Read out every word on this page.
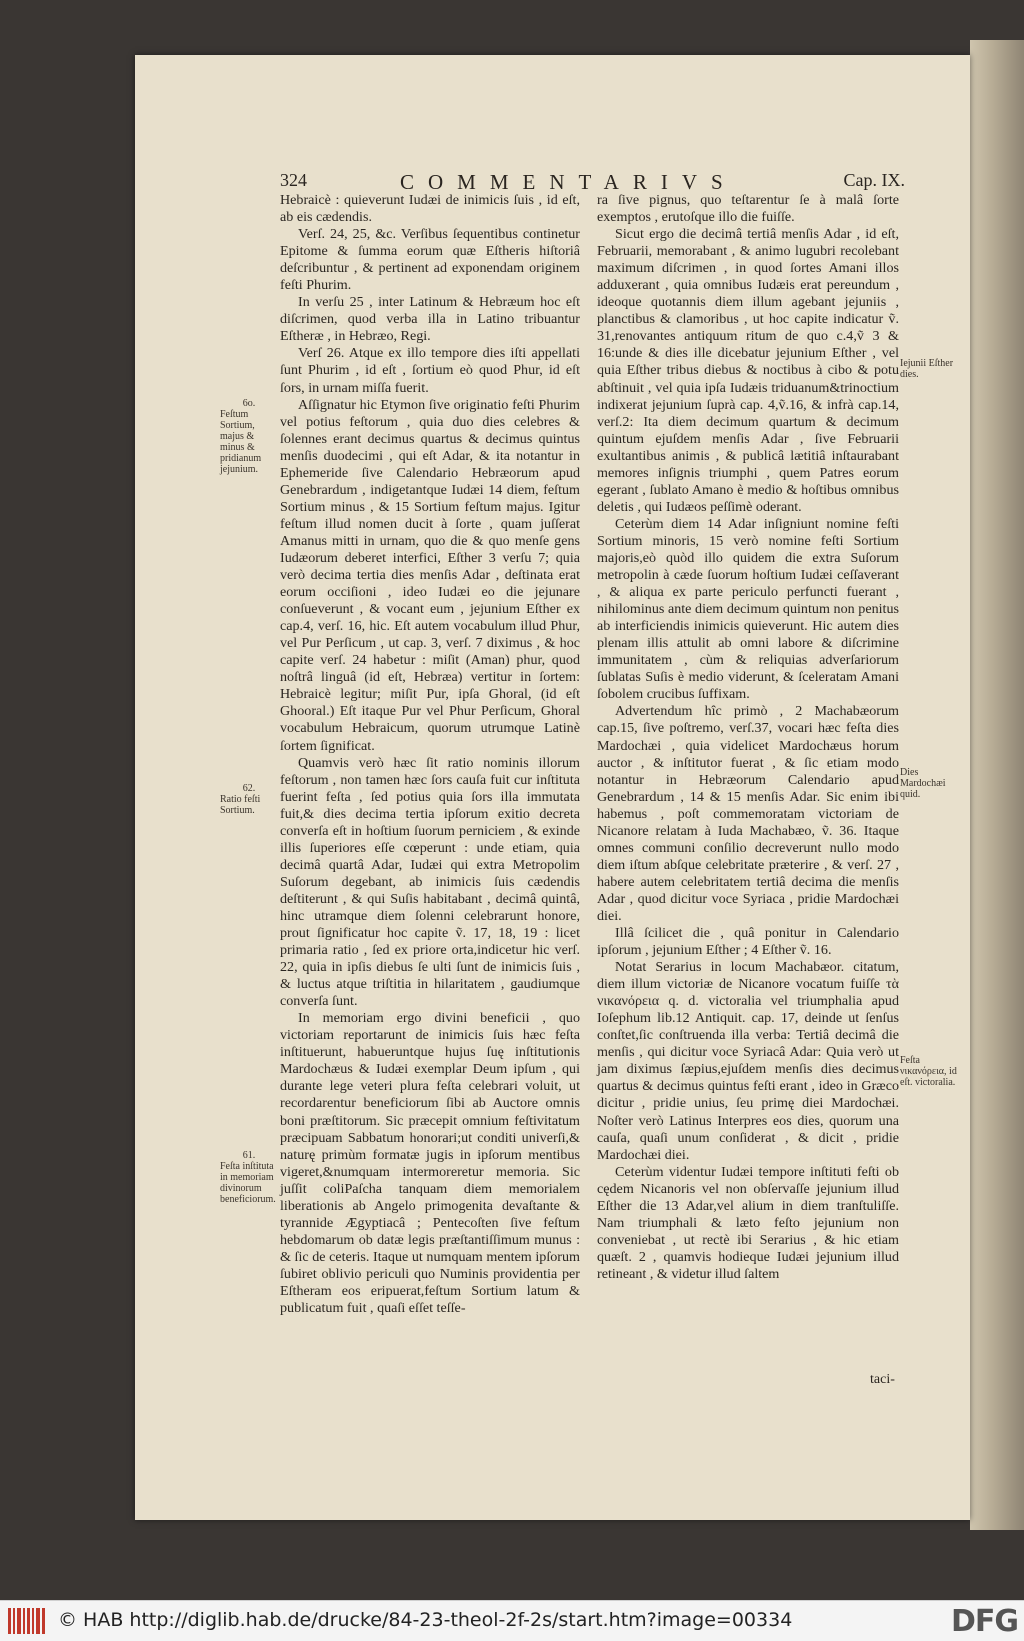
324	COMMENTARIVS	Cap. IX.

Hebraicè : quieverunt Iudæi de inimicis ſuis , id eſt, ab eis cædendis.

Verſ. 24, 25, &c. Verſibus ſequentibus continetur Epitome & ſumma eorum quæ Eſtheris hiſtoriâ deſcribuntur , & pertinent ad exponendam originem feſti Phurim.

In verſu 25 , inter Latinum & Hebræum hoc eſt diſcrimen, quod verba illa in Latino tribuantur Eſtheræ , in Hebræo, Regi.

Verſ 26. Atque ex illo tempore dies iſti appellati ſunt Phurim , id eſt , ſortium eò quod Phur, id eſt ſors, in urnam miſſa fuerit.

Aſſignatur hic Etymon ſive originatio feſti Phurim vel potius feſtorum , quia duo dies celebres & ſolennes erant decimus quartus & decimus quintus menſis duodecimi , qui eſt Adar, & ita notantur in Ephemeride ſive Calendario Hebræorum apud Genebrardum , indigetantque Iudæi 14 diem, feſtum Sortium minus , & 15 Sortium feſtum majus. Igitur feſtum illud nomen ducit à ſorte , quam juſſerat Amanus mitti in urnam, quo die & quo menſe gens Iudæorum deberet interfici, Eſther 3 verſu 7; quia verò decima tertia dies menſis Adar , deſtinata erat eorum occiſioni , ideo Iudæi eo die jejunare conſueverunt , & vocant eum , jejunium Eſther ex cap.4, verſ. 16, hic. Eſt autem vocabulum illud Phur, vel Pur Perſicum , ut cap. 3, verſ. 7 diximus , & hoc capite verſ. 24 habetur : miſit (Aman) phur, quod noſtrâ linguâ (id eſt, Hebræa) vertitur in ſortem: Hebraicè legitur; miſit Pur, ipſa Ghoral, (id eſt Ghooral.) Eſt itaque Pur vel Phur Perſicum, Ghoral vocabulum Hebraicum, quorum utrumque Latinè ſortem ſignificat.

Quamvis verò hæc ſit ratio nominis illorum feſtorum , non tamen hæc ſors cauſa fuit cur inſtituta fuerint feſta , ſed potius quia ſors illa immutata fuit,& dies decima tertia ipſorum exitio decreta converſa eſt in hoſtium ſuorum perniciem , & exinde illis ſuperiores eſſe cœperunt : unde etiam, quia decimâ quartâ Adar, Iudæi qui extra Metropolim Suſorum degebant, ab inimicis ſuis cædendis deſtiterunt , & qui Suſis habitabant , decimâ quintâ, hinc utramque diem ſolenni celebrarunt honore, prout ſignificatur hoc capite ṽ. 17, 18, 19 : licet primaria ratio , ſed ex priore orta,indicetur hic verſ. 22, quia in ipſis diebus ſe ulti ſunt de inimicis ſuis , & luctus atque triſtitia in hilaritatem , gaudiumque converſa ſunt.

In memoriam ergo divini beneficii , quo victoriam reportarunt de inimicis ſuis hæc feſta inſtituerunt, habueruntque hujus ſuę inſtitutionis Mardochæus & Iudæi exemplar Deum ipſum , qui durante lege veteri plura feſta celebrari voluit, ut recordarentur beneficiorum ſibi ab Auctore omnis boni præſtitorum. Sic præcepit omnium feſtivitatum præcipuam Sabbatum honorari;ut conditi univerſi,& naturę primùm formatæ jugis in ipſorum mentibus vigeret,&numquam intermoreretur memoria. Sic juſſit coliPaſcha tanquam diem memorialem liberationis ab Angelo primogenita devaſtante & tyrannide Ægyptiacâ ; Pentecoſten ſive feſtum hebdomarum ob datæ legis præſtantiſſimum munus : & ſic de ceteris. Itaque ut numquam mentem ipſorum ſubiret oblivio periculi quo Numinis providentia per Eſtheram eos eripuerat,feſtum Sortium latum & publicatum fuit , quaſi eſſet teſſe-

ra ſive pignus, quo teſtarentur ſe à malâ ſorte exemptos , erutoſque illo die fuiſſe.

Sicut ergo die decimâ tertiâ menſis Adar , id eſt, Februarii, memorabant , & animo lugubri recolebant maximum diſcrimen , in quod ſortes Amani illos adduxerant , quia omnibus Iudæis erat pereundum , ideoque quotannis diem illum agebant jejuniis , planctibus & clamoribus , ut hoc capite indicatur ṽ. 31,renovantes antiquum ritum de quo c.4,ṽ 3 & 16:unde & dies ille dicebatur jejunium Eſther , vel quia Eſther tribus diebus & noctibus à cibo & potu abſtinuit , vel quia ipſa Iudæis triduanum&trinoctium indixerat jejunium ſuprà cap. 4,ṽ.16, & infrà cap.14, verſ.2: Ita diem decimum quartum & decimum quintum ejuſdem menſis Adar , ſive Februarii exultantibus animis , & publicâ lætitiâ inſtaurabant memores inſignis triumphi , quem Patres eorum egerant , ſublato Amano è medio & hoſtibus omnibus deletis , qui Iudæos peſſimè oderant.

Ceterùm diem 14 Adar inſigniunt nomine feſti Sortium minoris, 15 verò nomine feſti Sortium majoris,eò quòd illo quidem die extra Suſorum metropolin à cæde ſuorum hoſtium Iudæi ceſſaverant , & aliqua ex parte periculo perfuncti fuerant , nihilominus ante diem decimum quintum non penitus ab interficiendis inimicis quieverunt. Hic autem dies plenam illis attulit ab omni labore & diſcrimine immunitatem , cùm & reliquias adverſariorum ſublatas Suſis è medio viderunt, & ſceleratam Amani ſobolem crucibus ſuffixam.

Advertendum hîc primò , 2 Machabæorum cap.15, ſive poſtremo, verſ.37, vocari hæc feſta dies Mardochæi , quia videlicet Mardochæus horum auctor , & inſtitutor fuerat , & ſic etiam modo notantur in Hebræorum Calendario apud Genebrardum , 14 & 15 menſis Adar. Sic enim ibi habemus , poſt commemoratam victoriam de Nicanore relatam à Iuda Machabæo, ṽ. 36. Itaque omnes communi conſilio decreverunt nullo modo diem iſtum abſque celebritate præterire , & verſ. 27 , habere autem celebritatem tertiâ decima die menſis Adar , quod dicitur voce Syriaca , pridie Mardochæi diei.

Illâ ſcilicet die , quâ ponitur in Calendario ipſorum , jejunium Eſther ; 4 Eſther ṽ. 16.

Notat Serarius in locum Machabæor. citatum, diem illum victoriæ de Nicanore vocatum fuiſſe τὰ νικανόρεια q. d. victoralia vel triumphalia apud Ioſephum lib.12 Antiquit. cap. 17, deinde ut ſenſus conſtet,ſic conſtruenda illa verba: Tertiâ decimâ die menſis , qui dicitur voce Syriacâ Adar: Quia verò ut jam diximus ſæpius,ejuſdem menſis dies decimus quartus & decimus quintus feſti erant , ideo in Græco dicitur , pridie unius, ſeu primę diei Mardochæi. Noſter verò Latinus Interpres eos dies, quorum una cauſa, quaſi unum conſiderat , & dicit , pridie Mardochæi diei.

Ceterùm videntur Iudæi tempore inſtituti feſti ob cędem Nicanoris vel non obſervaſſe jejunium illud Eſther die 13 Adar,vel alium in diem tranſtuliſſe. Nam triumphali & læto feſto jejunium non conveniebat , ut rectè ibi Serarius , & hic etiam quæſt. 2 , quamvis hodieque Iudæi jejunium illud retineant , & videtur illud ſaltem

6o.
Feſtum Sortium, majus & minus & pridianum jejunium.
62.
Ratio feſti Sortium.
61.
Feſta inſtituta in memoriam divinorum beneficiorum.
Iejunii Eſther dies.
Dies Mardochæi quid.
Feſta νικανόρεια, id eſt. victoralia.
taci-
© HAB http://diglib.hab.de/drucke/84-23-theol-2f-2s/start.htm?image=00334	DFG
